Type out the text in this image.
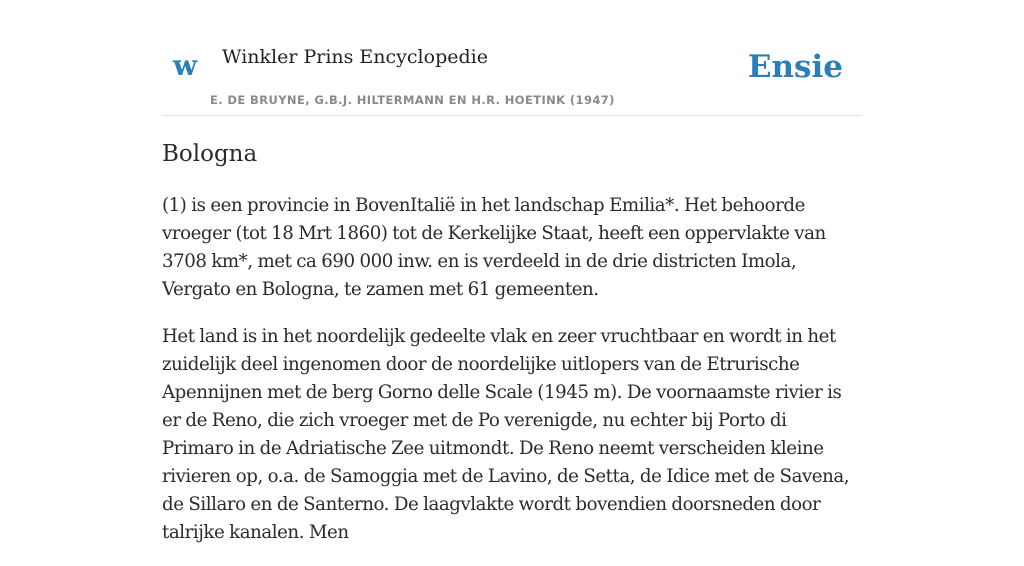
w Winkler Prins Encyclopedie
E. DE BRUYNE, G.B.J. HILTERMANN EN H.R. HOETINK (1947)
Ensie
Bologna

(1) is een provincie in BovenItalië in het landschap Emilia*. Het behoorde vroeger (tot 18 Mrt 1860) tot de Kerkelijke Staat, heeft een oppervlakte van 3708 km*, met ca 690 000 inw. en is verdeeld in de drie districten Imola, Vergato en Bologna, te zamen met 61 gemeenten.

Het land is in het noordelijk gedeelte vlak en zeer vruchtbaar en wordt in het zuidelijk deel ingenomen door de noordelijke uitlopers van de Etrurische Apennijnen met de berg Gorno delle Scale (1945 m). De voornaamste rivier is er de Reno, die zich vroeger met de Po verenigde, nu echter bij Porto di Primaro in de Adriatische Zee uitmondt. De Reno neemt verscheiden kleine rivieren op, o.a. de Samoggia met de Lavino, de Setta, de Idice met de Savena, de Sillaro en de Santerno. De laagvlakte wordt bovendien doorsneden door talrijke kanalen. Men
